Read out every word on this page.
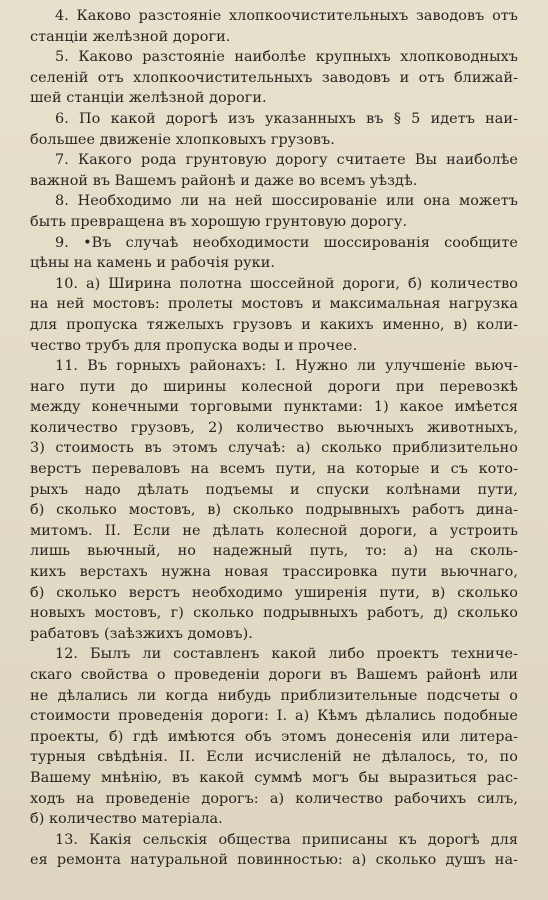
4. Каково разстояніе хлопкоочистительныхъ заводовъ отъ
станціи желѣзной дороги.
5. Каково разстояніе наиболѣе крупныхъ хлопководныхъ
селеній отъ хлопкоочистительныхъ заводовъ и отъ ближай-
шей станціи желѣзной дороги.
6. По какой дорогѣ изъ указанныхъ въ § 5 идетъ наи-
большее движеніе хлопковыхъ грузовъ.
7. Какого рода грунтовую дорогу считаете Вы наиболѣе
важной въ Вашемъ районѣ и даже во всемъ уѣздѣ.
8. Необходимо ли на ней шоссированіе или она можетъ
быть превращена въ хорошую грунтовую дорогу.
9. •Въ случаѣ необходимости шоссированія сообщите
цѣны на камень и рабочія руки.
10. а) Ширина полотна шоссейной дороги, б) количество
на ней мостовъ: пролеты мостовъ и максимальная нагрузка
для пропуска тяжелыхъ грузовъ и какихъ именно, в) коли-
чество трубъ для пропуска воды и прочее.
11. Въ горныхъ районахъ: I. Нужно ли улучшеніе вьюч-
наго пути до ширины колесной дороги при перевозкѣ
между конечными торговыми пунктами: 1) какое имѣется
количество грузовъ, 2) количество вьючныхъ животныхъ,
3) стоимость въ этомъ случаѣ: а) сколько приблизительно
верстъ переваловъ на всемъ пути, на которые и съ кото-
рыхъ надо дѣлать подъемы и спуски колѣнами пути,
б) сколько мостовъ, в) сколько подрывныхъ работъ дина-
митомъ. II. Если не дѣлать колесной дороги, а устроить
лишь вьючный, но надежный путь, то: а) на сколь-
кихъ верстахъ нужна новая трассировка пути вьючнаго,
б) сколько верстъ необходимо уширенія пути, в) сколько
новыхъ мостовъ, г) сколько подрывныхъ работъ, д) сколько
рабатовъ (заѣзжихъ домовъ).
12. Былъ ли составленъ какой либо проектъ техниче-
скаго свойства о проведеніи дороги въ Вашемъ районѣ или
не дѣлались ли когда нибудь приблизительные подсчеты о
стоимости проведенія дороги: I. а) Кѣмъ дѣлались подобные
проекты, б) гдѣ имѣются объ этомъ донесенія или литера-
турныя свѣдѣнія. II. Если исчисленій не дѣлалось, то, по
Вашему мнѣнію, въ какой суммѣ могъ бы выразиться рас-
ходъ на проведеніе дорогъ: а) количество рабочихъ силъ,
б) количество матеріала.
13. Какія сельскія общества приписаны къ дорогѣ для
ея ремонта натуральной повинностью: а) сколько душъ на-
